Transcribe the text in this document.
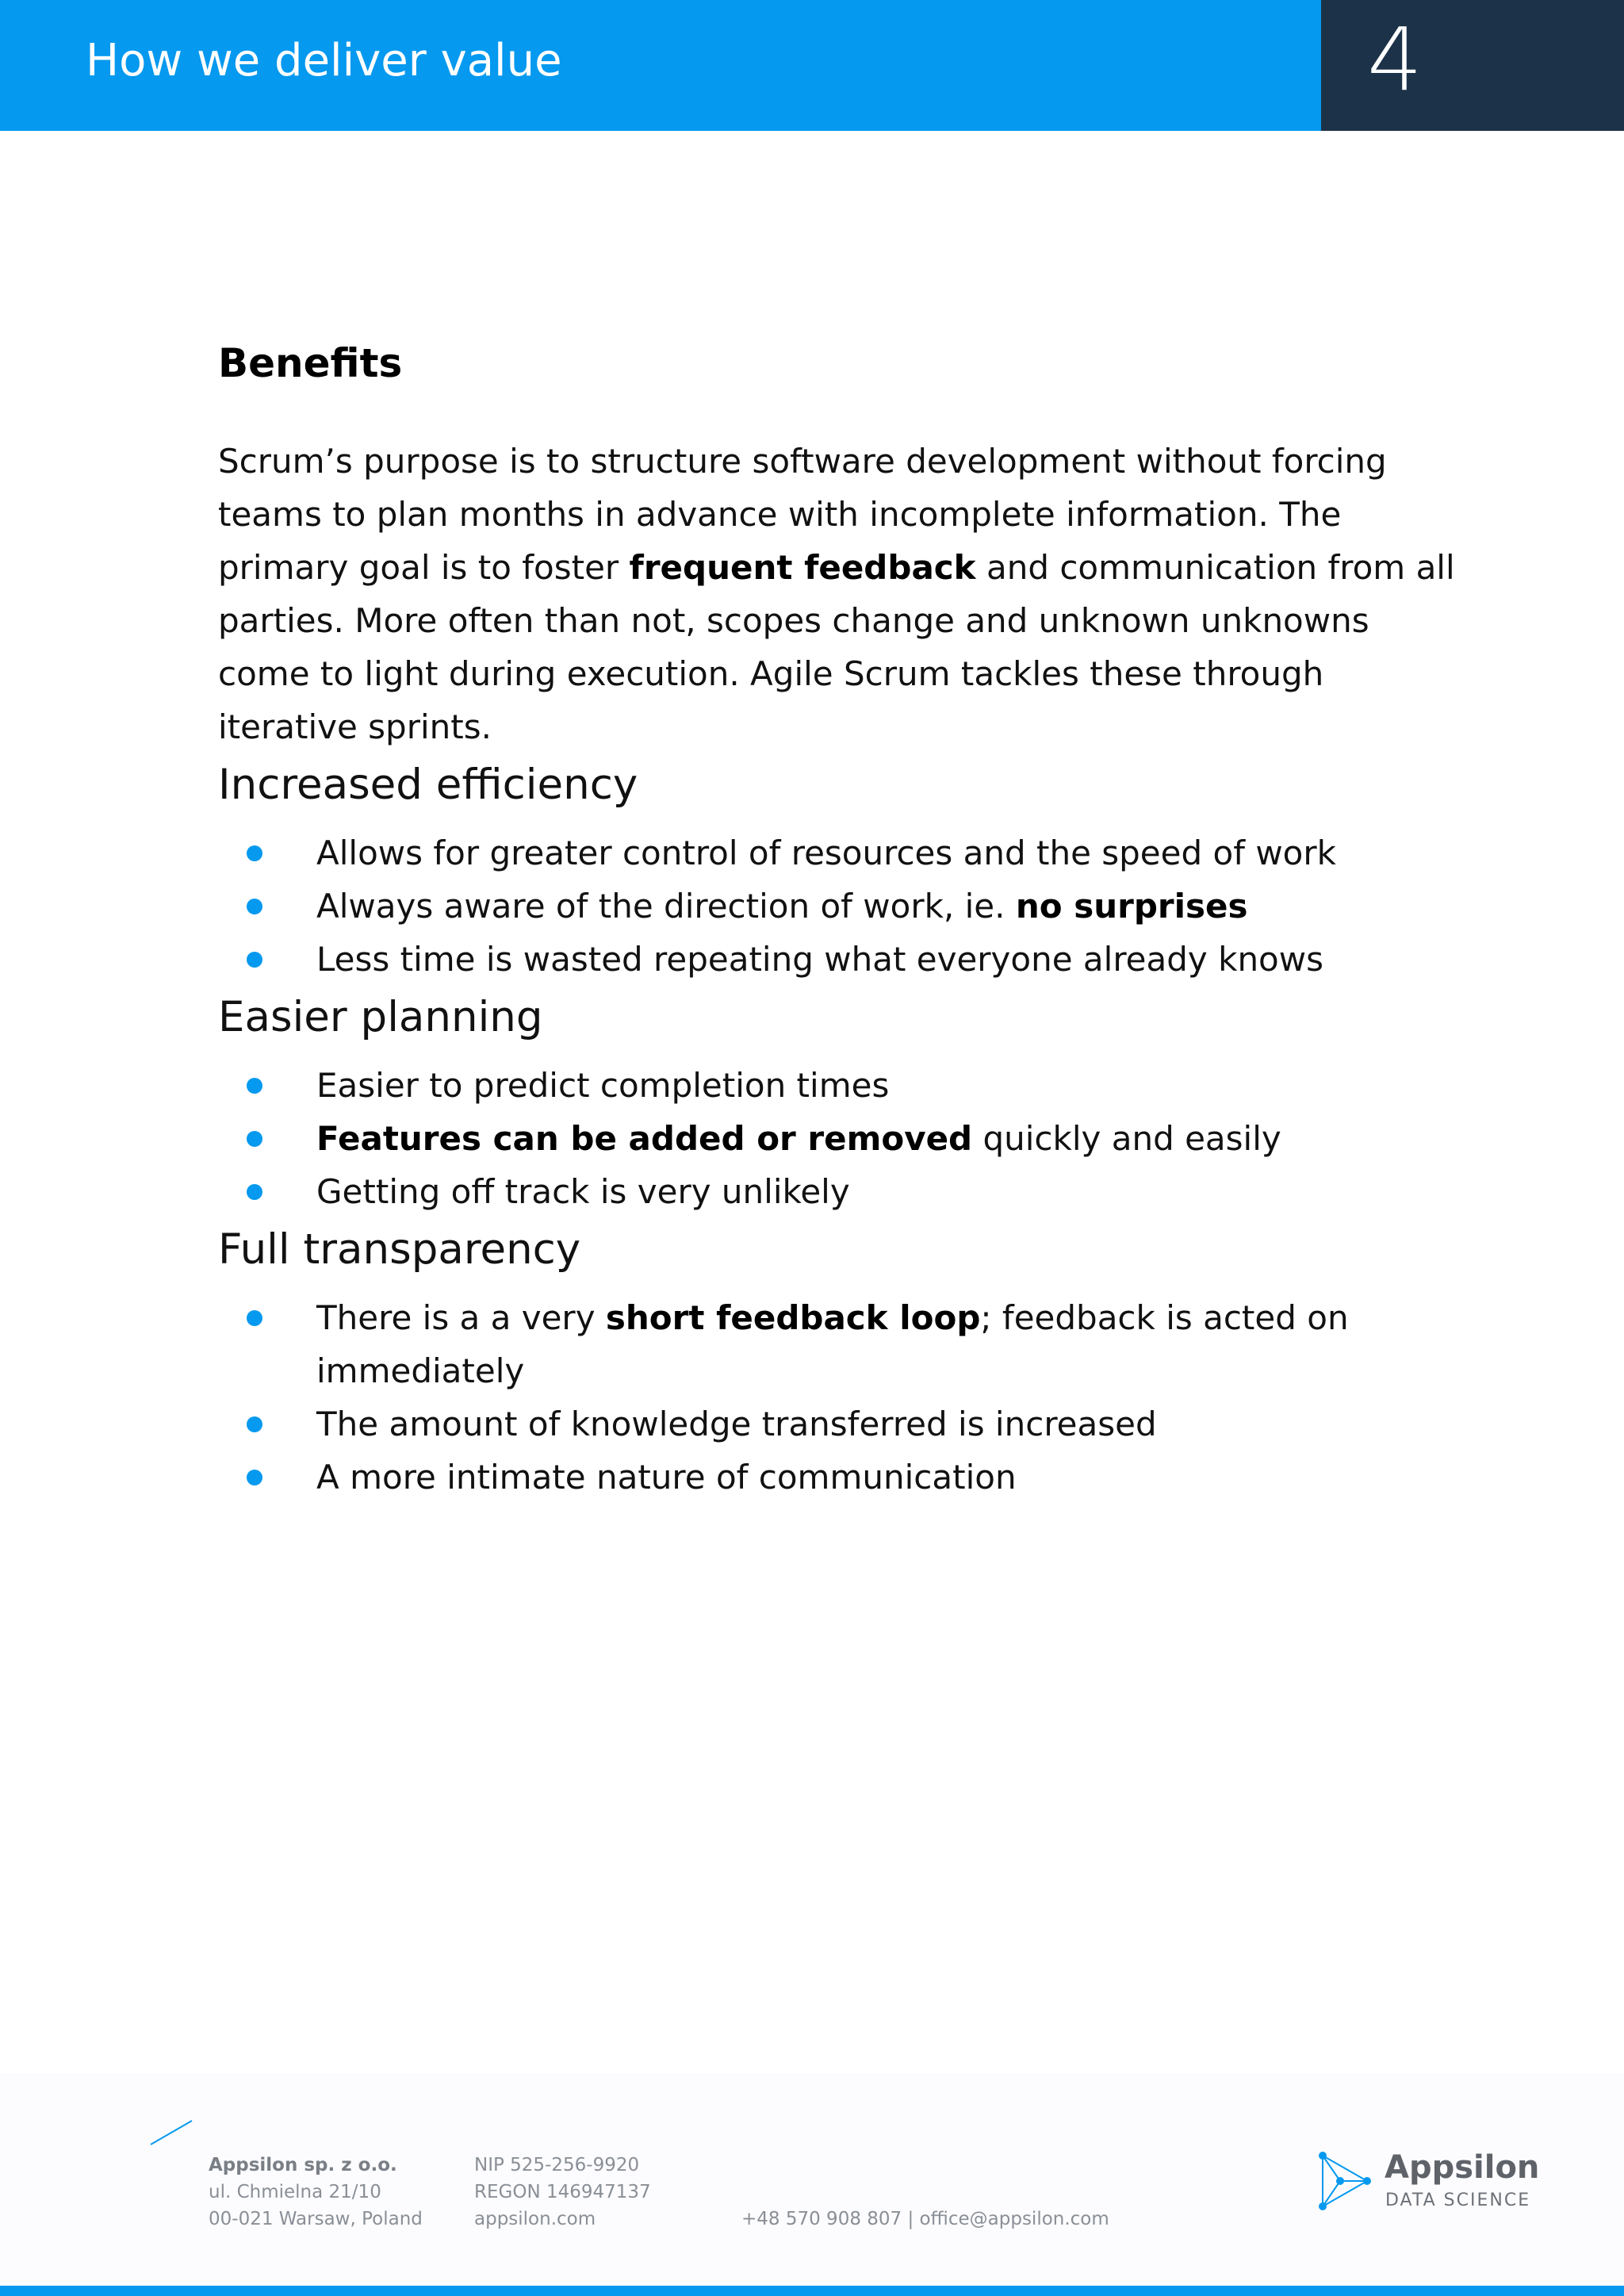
How we deliver value	4
Benefits

Scrum’s purpose is to structure software development without forcing teams to plan months in advance with incomplete information. The primary goal is to foster frequent feedback and communication from all parties. More often than not, scopes change and unknown unknowns come to light during execution. Agile Scrum tackles these through iterative sprints.

Increased efficiency
Allows for greater control of resources and the speed of work
Always aware of the direction of work, ie. no surprises
Less time is wasted repeating what everyone already knows
Easier planning
Easier to predict completion times
Features can be added or removed quickly and easily
Getting off track is very unlikely
Full transparency
There is a a very short feedback loop; feedback is acted on immediately
The amount of knowledge transferred is increased
A more intimate nature of communication
Appsilon sp. z o.o.
ul. Chmielna 21/10
00-021 Warsaw, Poland
NIP 525-256-9920
REGON 146947137
appsilon.com	+48 570 908 807 | office@appsilon.com
Appsilon
DATA SCIENCE
